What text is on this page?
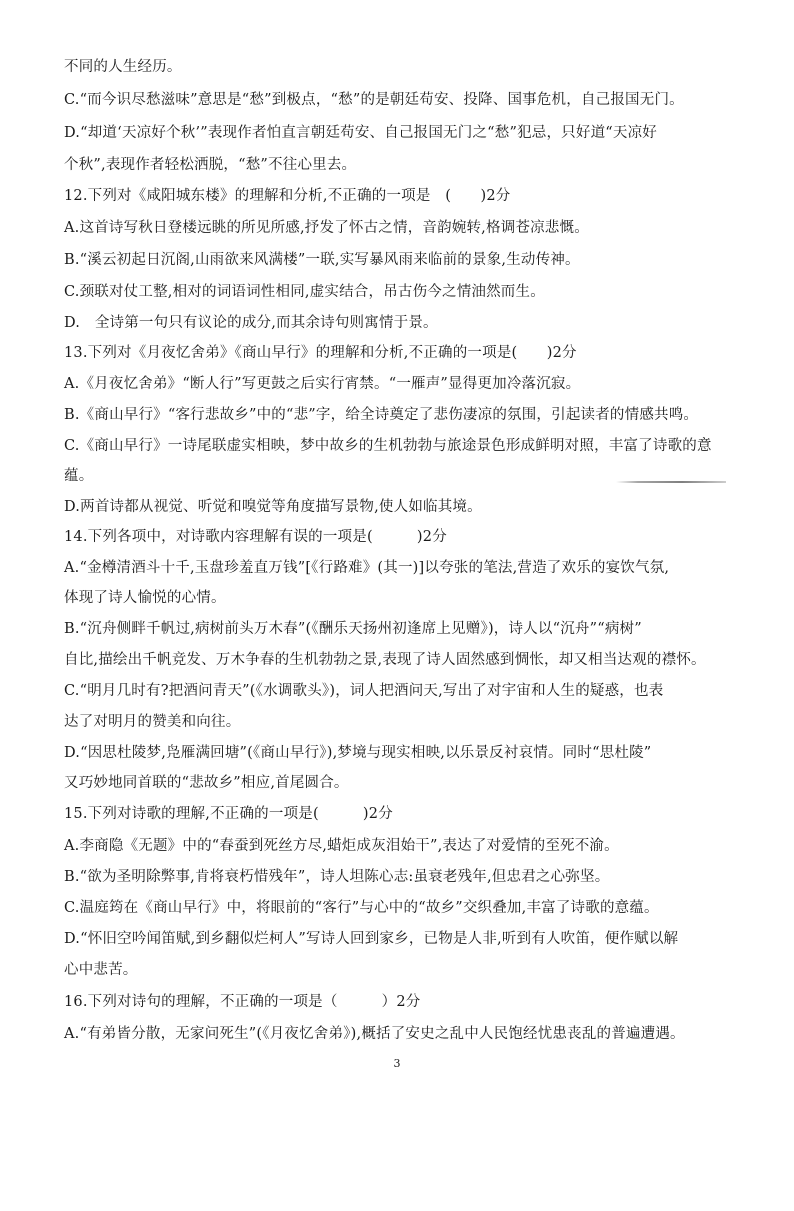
不同的人生经历。
C.“而今识尽愁滋味”意思是“愁”到极点，“愁”的是朝廷苟安、投降、国事危机，自己报国无门。
D.“却道‘天凉好个秋’”表现作者怕直言朝廷苟安、自己报国无门之“愁”犯忌，只好道“天凉好
个秋”,表现作者轻松洒脱，“愁”不往心里去。
12.下列对《咸阳城东楼》的理解和分析,不正确的一项是　(　　)2分
A.这首诗写秋日登楼远眺的所见所感,抒发了怀古之情，音韵婉转,格调苍凉悲慨。
B.“溪云初起日沉阁,山雨欲来风满楼”一联,实写暴风雨来临前的景象,生动传神。
C.颈联对仗工整,相对的词语词性相同,虚实结合，吊古伤今之情油然而生。
D.　全诗第一句只有议论的成分,而其余诗句则寓情于景。
13.下列对《月夜忆舍弟》《商山早行》的理解和分析,不正确的一项是(　　)2分
A.《月夜忆舍弟》“断人行”写更鼓之后实行宵禁。“一雁声”显得更加冷落沉寂。
B.《商山早行》“客行悲故乡”中的“悲”字，给全诗奠定了悲伤凄凉的氛围，引起读者的情感共鸣。
C.《商山早行》一诗尾联虚实相映，梦中故乡的生机勃勃与旅途景色形成鲜明对照，丰富了诗歌的意
蕴。
D.两首诗都从视觉、听觉和嗅觉等角度描写景物,使人如临其境。
14.下列各项中，对诗歌内容理解有误的一项是(　　　)2分
A.“金樽清酒斗十千,玉盘珍羞直万钱”[《行路难》(其一)]以夸张的笔法,营造了欢乐的宴饮气氛,
体现了诗人愉悦的心情。
B.“沉舟侧畔千帆过,病树前头万木春”(《酬乐天扬州初逢席上见赠》)，诗人以“沉舟”“病树”
自比,描绘出千帆竞发、万木争春的生机勃勃之景,表现了诗人固然感到惆怅，却又相当达观的襟怀。
C.“明月几时有?把酒问青天”(《水调歌头》)，词人把酒问天,写出了对宇宙和人生的疑惑，也表
达了对明月的赞美和向往。
D.“因思杜陵梦,凫雁满回塘”(《商山早行》),梦境与现实相映,以乐景反衬哀情。同时“思杜陵”
又巧妙地同首联的“悲故乡”相应,首尾圆合。
15.下列对诗歌的理解,不正确的一项是(　　　)2分
A.李商隐《无题》中的“春蚕到死丝方尽,蜡炬成灰泪始干”,表达了对爱情的至死不渝。
B.“欲为圣明除弊事,肯将衰朽惜残年”，诗人坦陈心志:虽衰老残年,但忠君之心弥坚。
C.温庭筠在《商山早行》中，将眼前的“客行”与心中的“故乡”交织叠加,丰富了诗歌的意蕴。
D.“怀旧空吟闻笛赋,到乡翻似烂柯人”写诗人回到家乡，已物是人非,听到有人吹笛，便作赋以解
心中悲苦。
16.下列对诗句的理解，不正确的一项是（　　　）2分
A.“有弟皆分散，无家问死生”(《月夜忆舍弟》),概括了安史之乱中人民饱经忧患丧乱的普遍遭遇。
3
